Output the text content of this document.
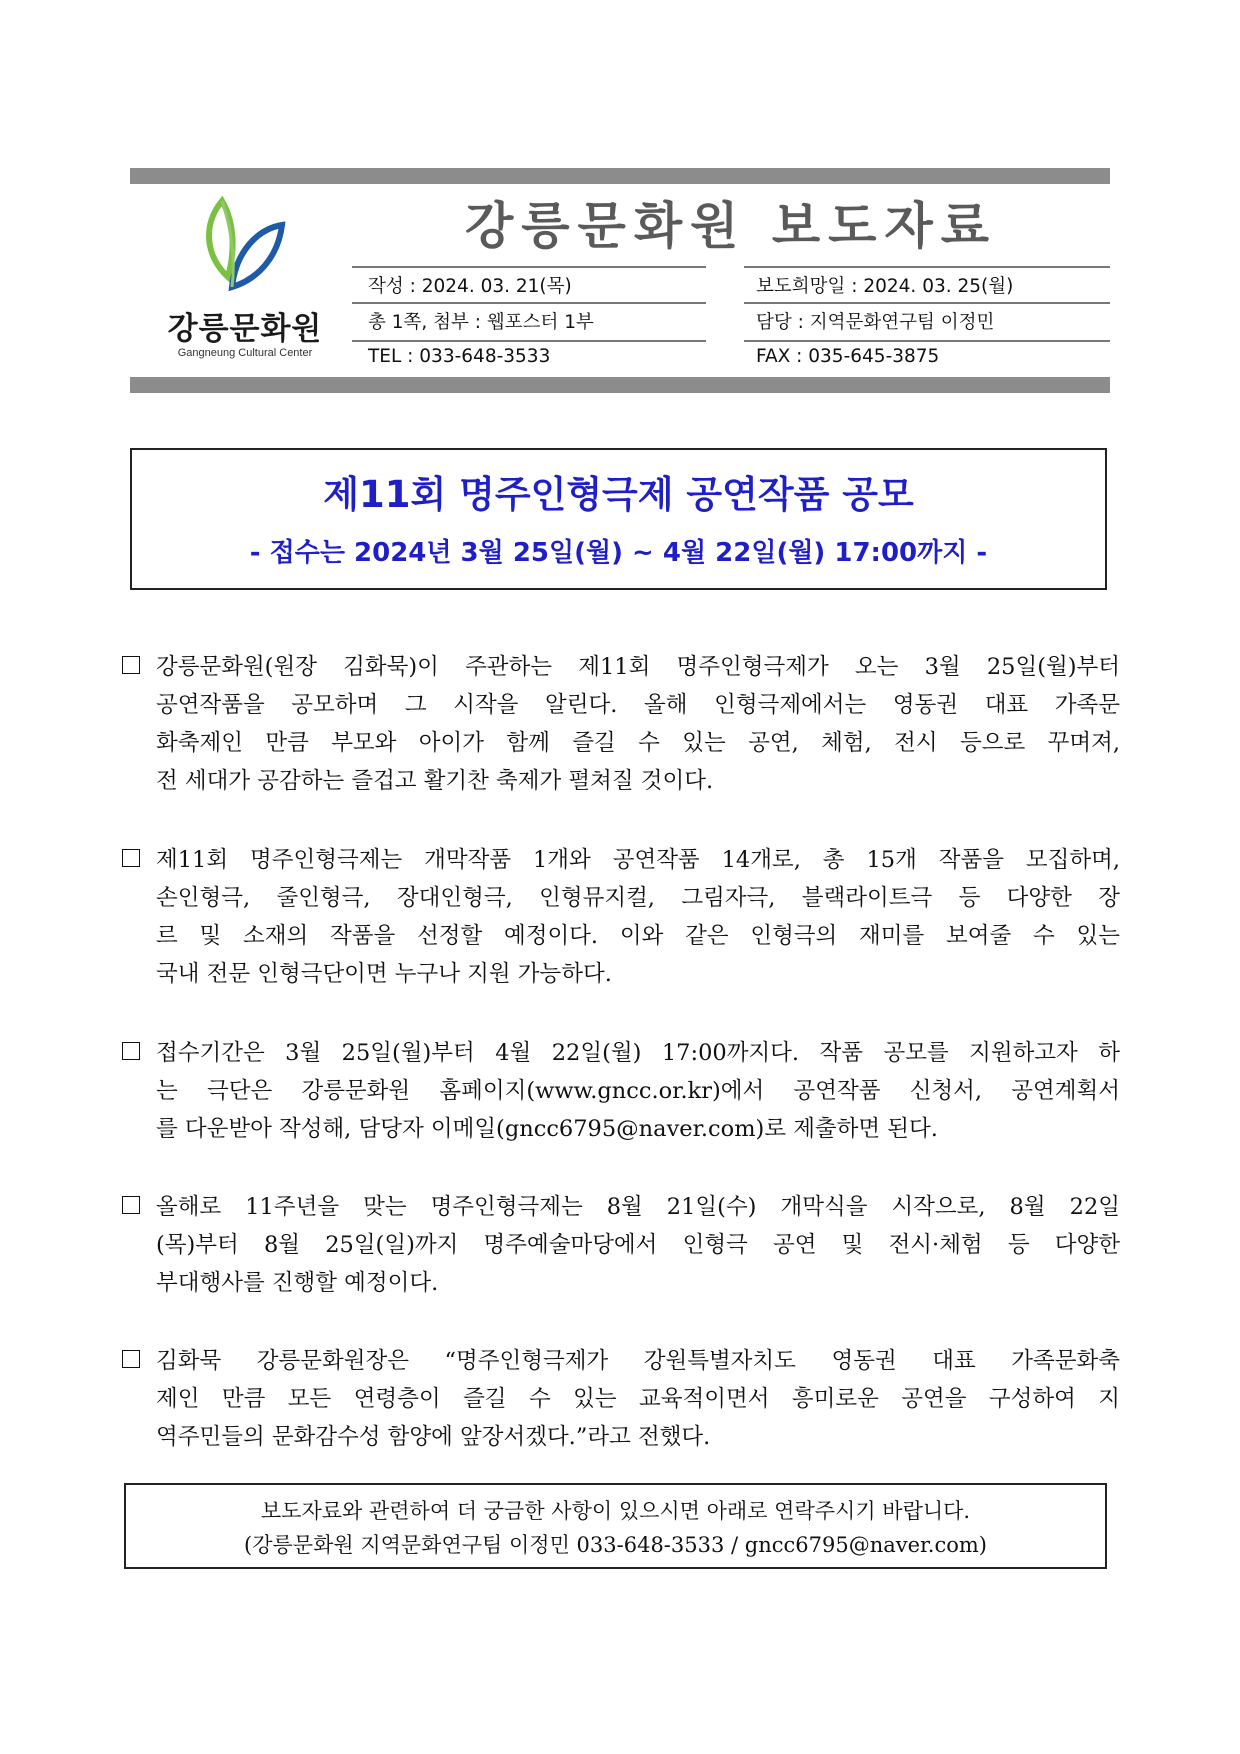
강릉문화원
Gangneung Cultural Center
강릉문화원 보도자료
작성 : 2024. 03. 21(목)	보도희망일 : 2024. 03. 25(월)
총 1쪽, 첨부 : 웹포스터 1부	담당 : 지역문화연구팀 이정민
TEL : 033-648-3533	FAX : 035-645-3875
제11회 명주인형극제 공연작품 공모
- 접수는 2024년 3월 25일(월) ~ 4월 22일(월) 17:00까지 -
강릉문화원(원장 김화묵)이 주관하는 제11회 명주인형극제가 오는 3월 25일(월)부터
공연작품을 공모하며 그 시작을 알린다. 올해 인형극제에서는 영동권 대표 가족문
화축제인 만큼 부모와 아이가 함께 즐길 수 있는 공연, 체험, 전시 등으로 꾸며져,
전 세대가 공감하는 즐겁고 활기찬 축제가 펼쳐질 것이다.
제11회 명주인형극제는 개막작품 1개와 공연작품 14개로, 총 15개 작품을 모집하며,
손인형극, 줄인형극, 장대인형극, 인형뮤지컬, 그림자극, 블랙라이트극 등 다양한 장
르 및 소재의 작품을 선정할 예정이다. 이와 같은 인형극의 재미를 보여줄 수 있는
국내 전문 인형극단이면 누구나 지원 가능하다.
접수기간은 3월 25일(월)부터 4월 22일(월) 17:00까지다. 작품 공모를 지원하고자 하
는 극단은 강릉문화원 홈페이지(www.gncc.or.kr)에서 공연작품 신청서, 공연계획서
를 다운받아 작성해, 담당자 이메일(gncc6795@naver.com)로 제출하면 된다.
올해로 11주년을 맞는 명주인형극제는 8월 21일(수) 개막식을 시작으로, 8월 22일
(목)부터 8월 25일(일)까지 명주예술마당에서 인형극 공연 및 전시·체험 등 다양한
부대행사를 진행할 예정이다.
김화묵 강릉문화원장은 “명주인형극제가 강원특별자치도 영동권 대표 가족문화축
제인 만큼 모든 연령층이 즐길 수 있는 교육적이면서 흥미로운 공연을 구성하여 지
역주민들의 문화감수성 함양에 앞장서겠다.”라고 전했다.
보도자료와 관련하여 더 궁금한 사항이 있으시면 아래로 연락주시기 바랍니다.
(강릉문화원 지역문화연구팀 이정민 033-648-3533 / gncc6795@naver.com)
